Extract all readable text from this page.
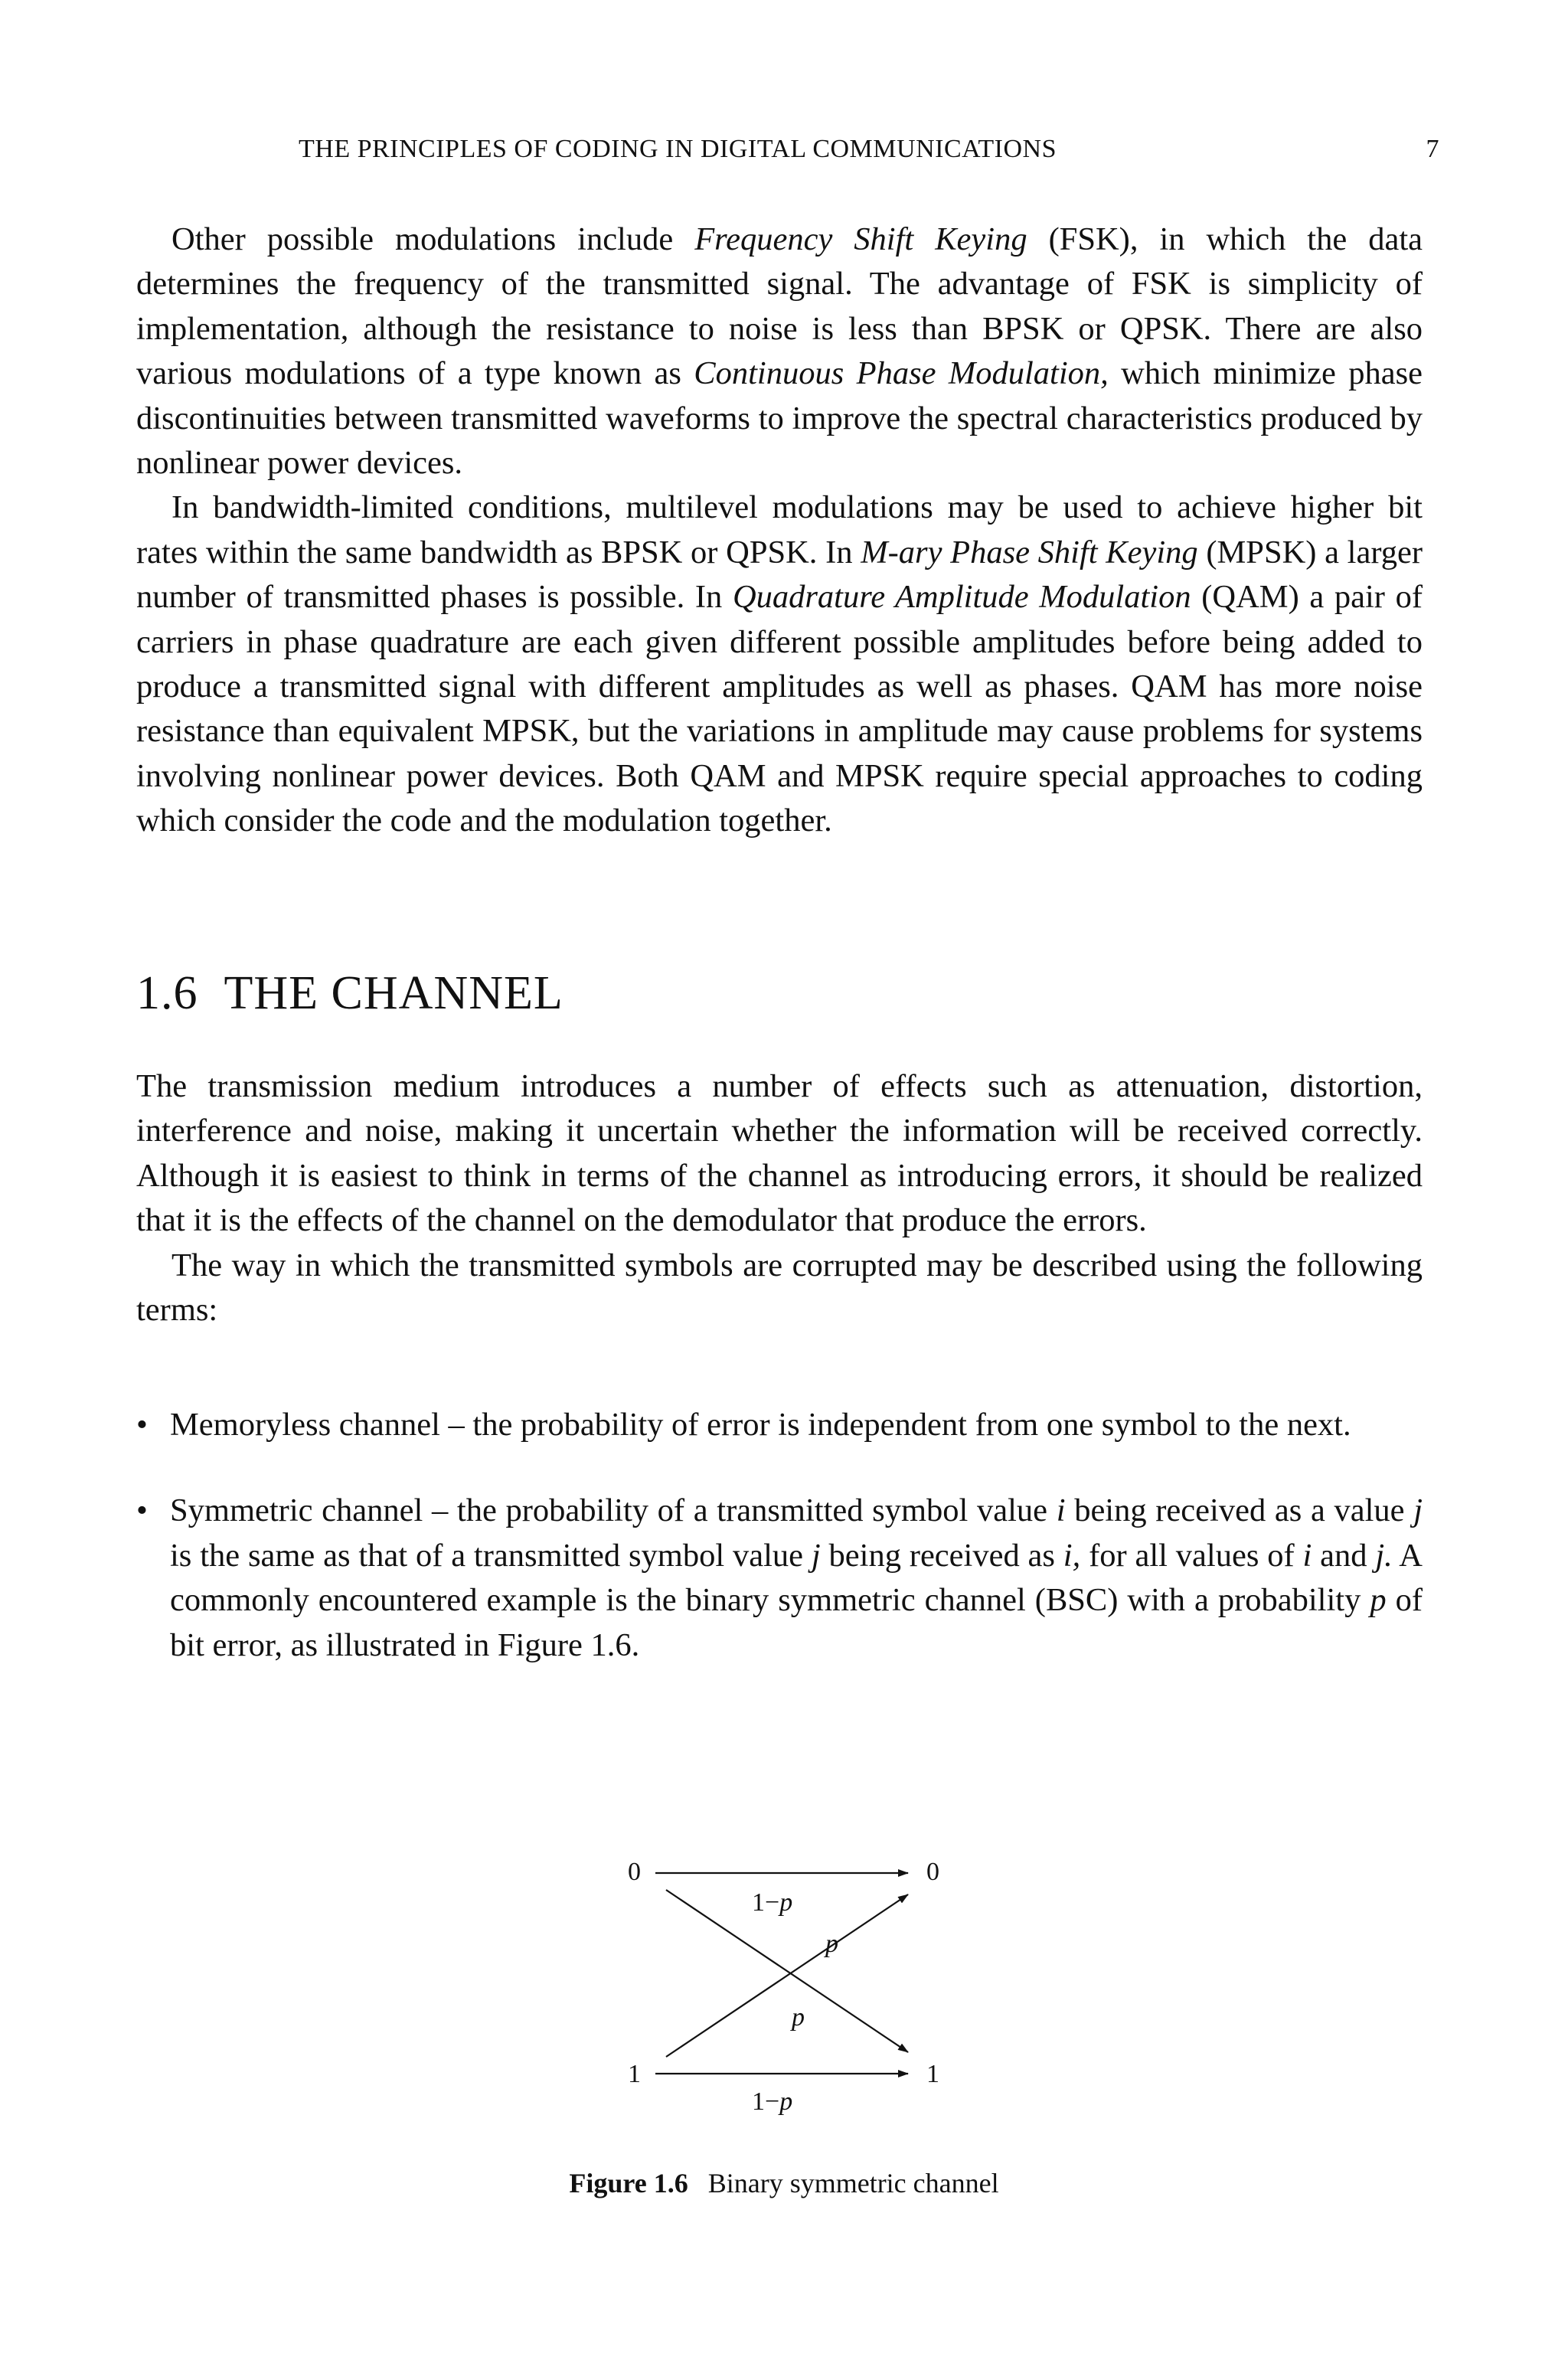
THE PRINCIPLES OF CODING IN DIGITAL COMMUNICATIONS	7

Other possible modulations include Frequency Shift Keying (FSK), in which the data determines the frequency of the transmitted signal. The advantage of FSK is simplicity of implementation, although the resistance to noise is less than BPSK or QPSK. There are also various modulations of a type known as Continuous Phase Modulation, which minimize phase discontinuities between transmitted waveforms to improve the spectral characteristics produced by nonlinear power devices.

In bandwidth-limited conditions, multilevel modulations may be used to achieve higher bit rates within the same bandwidth as BPSK or QPSK. In M-ary Phase Shift Keying (MPSK) a larger number of transmitted phases is possible. In Quadrature Amplitude Modulation (QAM) a pair of carriers in phase quadrature are each given different possible amplitudes before being added to produce a transmitted signal with different amplitudes as well as phases. QAM has more noise resistance than equivalent MPSK, but the variations in amplitude may cause problems for systems involving nonlinear power devices. Both QAM and MPSK require special approaches to coding which consider the code and the modulation together.

1.6 THE CHANNEL

The transmission medium introduces a number of effects such as attenuation, distortion, interference and noise, making it uncertain whether the information will be received correctly. Although it is easiest to think in terms of the channel as introducing errors, it should be realized that it is the effects of the channel on the demodulator that produce the errors.

The way in which the transmitted symbols are corrupted may be described using the following terms:

• Memoryless channel – the probability of error is independent from one symbol to the next.
• Symmetric channel – the probability of a transmitted symbol value i being received as a value j is the same as that of a transmitted symbol value j being received as i, for all values of i and j. A commonly encountered example is the binary symmetric channel (BSC) with a probability p of bit error, as illustrated in Figure 1.6.
0
1
0
1
1−p
p
p
1−p
Figure 1.6 Binary symmetric channel
